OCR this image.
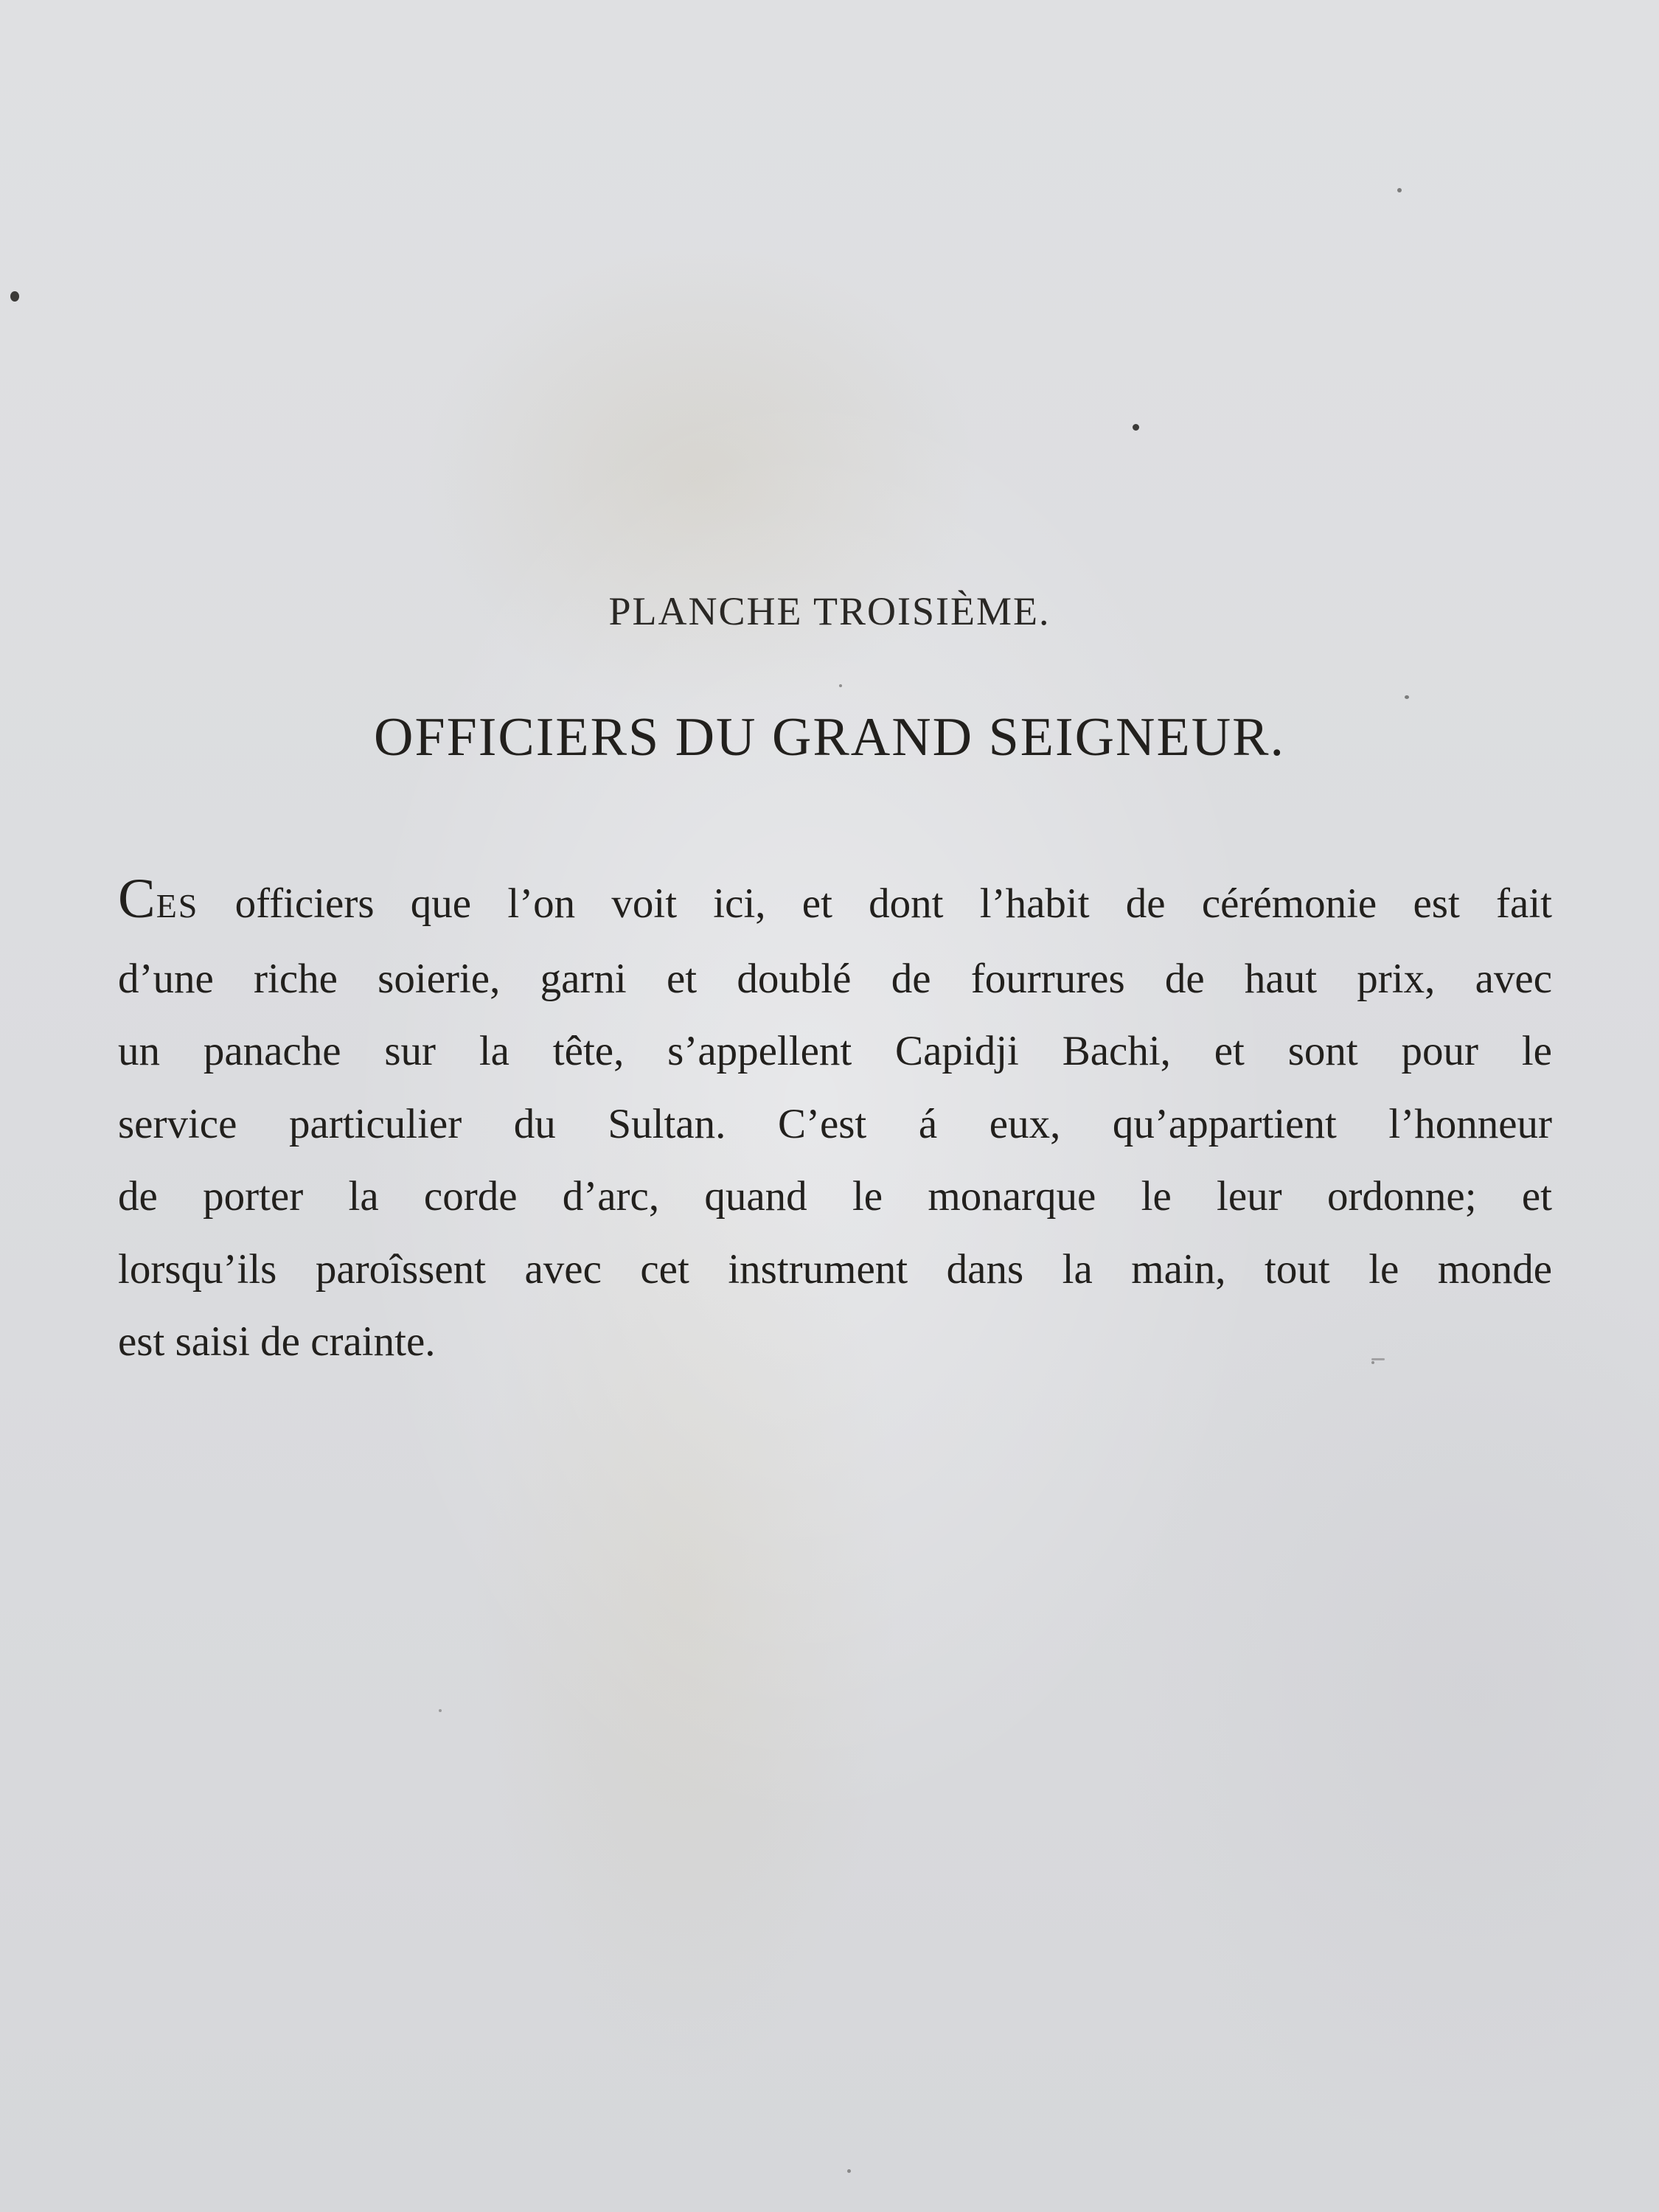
PLANCHE TROISIÈME.
OFFICIERS DU GRAND SEIGNEUR.

CES officiers que l’on voit ici, et dont l’habit de cérémonie est fait
d’une riche soierie, garni et doublé de fourrures de haut prix, avec
un panache sur la tête, s’appellent Capidji Bachi, et sont pour le
service particulier du Sultan. C’est á eux, qu’appartient l’honneur
de porter la corde d’arc, quand le monarque le leur ordonne; et
lorsqu’ils paroîssent avec cet instrument dans la main, tout le monde
est saisi de crainte.
